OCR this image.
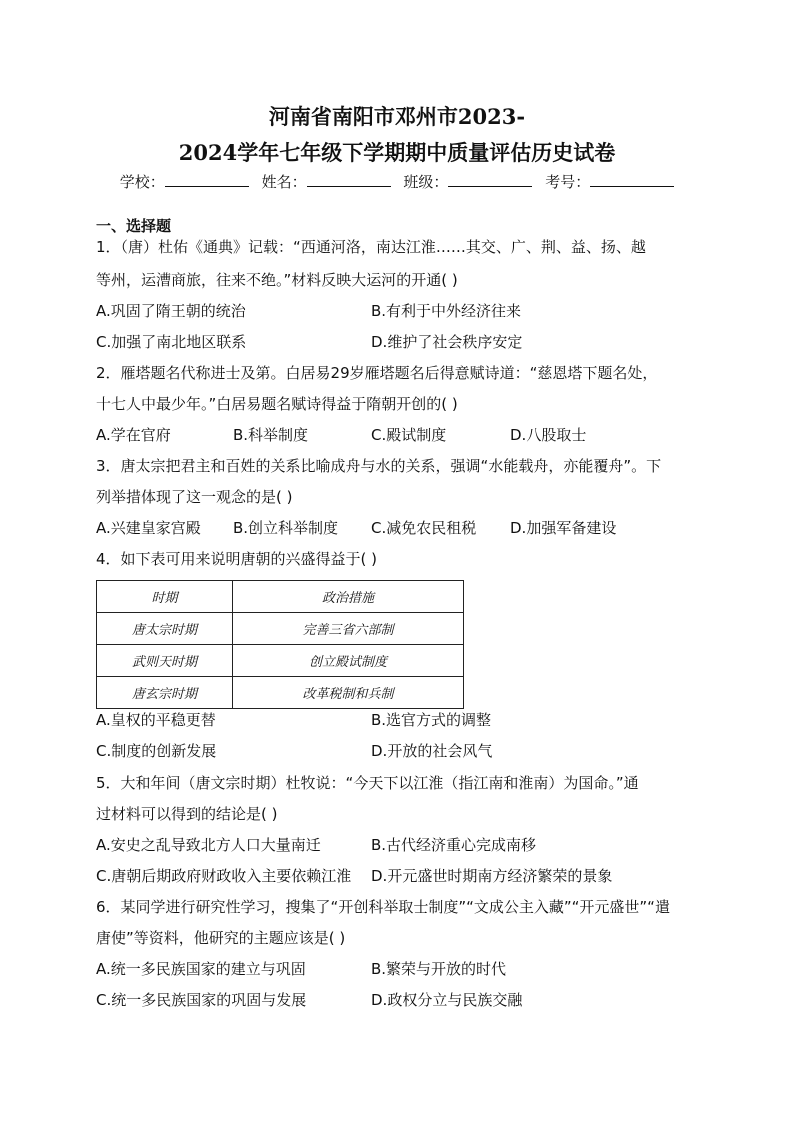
河南省南阳市邓州市2023-
2024学年七年级下学期期中质量评估历史试卷
学校：	姓名：	班级：	考号：
一、选择题
1．（唐）杜佑《通典》记载：“西通河洛，南达江淮……其交、广、荆、益、扬、越
等州，运漕商旅，往来不绝。”材料反映大运河的开通( )
A.巩固了隋王朝的统治	B.有利于中外经济往来
C.加强了南北地区联系	D.维护了社会秩序安定
2．雁塔题名代称进士及第。白居易29岁雁塔题名后得意赋诗道：“慈恩塔下题名处，
十七人中最少年。”白居易题名赋诗得益于隋朝开创的( )
A.学在官府	B.科举制度	C.殿试制度	D.八股取士
3．唐太宗把君主和百姓的关系比喻成舟与水的关系，强调“水能载舟，亦能覆舟”。下
列举措体现了这一观念的是( )
A.兴建皇家宫殿 B.创立科举制度 C.减免农民租税 D.加强军备建设
4．如下表可用来说明唐朝的兴盛得益于( )
时期	政治措施
唐太宗时期	完善三省六部制
武则天时期	创立殿试制度
唐玄宗时期	改革税制和兵制
A.皇权的平稳更替	B.选官方式的调整
C.制度的创新发展	D.开放的社会风气
5．大和年间（唐文宗时期）杜牧说：“今天下以江淮（指江南和淮南）为国命。”通
过材料可以得到的结论是( )
A.安史之乱导致北方人口大量南迁	B.古代经济重心完成南移
C.唐朝后期政府财政收入主要依赖江淮 D.开元盛世时期南方经济繁荣的景象
6．某同学进行研究性学习，搜集了“开创科举取士制度”“文成公主入藏”“开元盛世”“遣
唐使”等资料，他研究的主题应该是( )
A.统一多民族国家的建立与巩固	B.繁荣与开放的时代
C.统一多民族国家的巩固与发展	D.政权分立与民族交融
